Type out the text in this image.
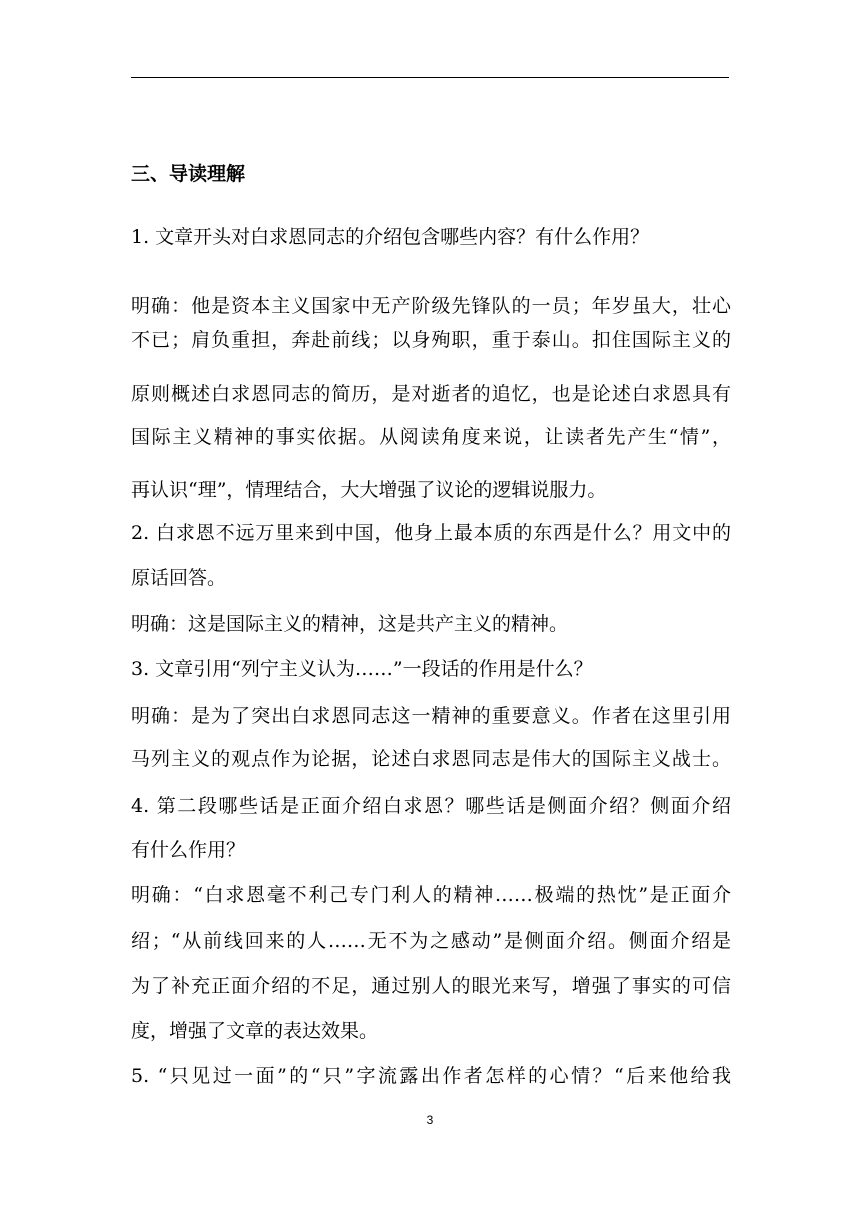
三、导读理解
1. 文章开头对白求恩同志的介绍包含哪些内容？有什么作用？
明确：他是资本主义国家中无产阶级先锋队的一员；年岁虽大，壮心
不已；肩负重担，奔赴前线；以身殉职，重于泰山。扣住国际主义的
原则概述白求恩同志的简历，是对逝者的追忆，也是论述白求恩具有
国际主义精神的事实依据。从阅读角度来说，让读者先产生“情”，
再认识“理”，情理结合，大大增强了议论的逻辑说服力。
2. 白求恩不远万里来到中国，他身上最本质的东西是什么？用文中的
原话回答。
明确：这是国际主义的精神，这是共产主义的精神。
3. 文章引用“列宁主义认为……”一段话的作用是什么？
明确：是为了突出白求恩同志这一精神的重要意义。作者在这里引用
马列主义的观点作为论据，论述白求恩同志是伟大的国际主义战士。
4. 第二段哪些话是正面介绍白求恩？哪些话是侧面介绍？侧面介绍
有什么作用？
明确：“白求恩毫不利己专门利人的精神……极端的热忱”是正面介
绍；“从前线回来的人……无不为之感动”是侧面介绍。侧面介绍是
为了补充正面介绍的不足，通过别人的眼光来写，增强了事实的可信
度，增强了文章的表达效果。
5. “只见过一面”的“只”字流露出作者怎样的心情？“后来他给我
3
